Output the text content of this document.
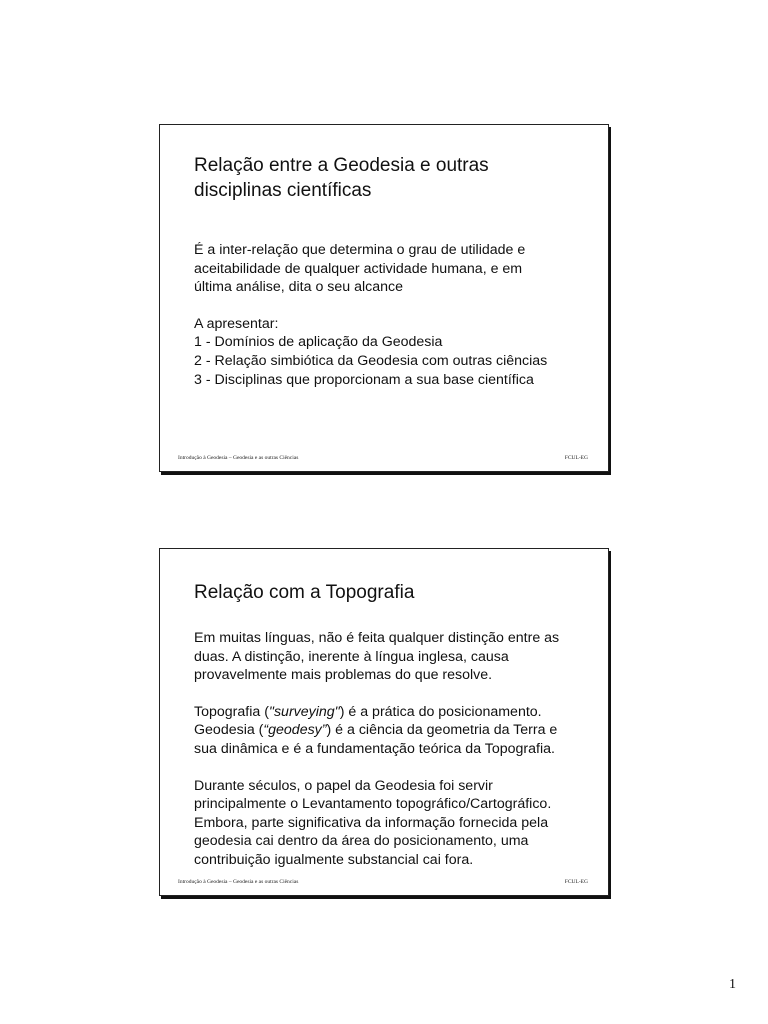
Relação entre a Geodesia e outras
disciplinas científicas

É a inter-relação que determina o grau de utilidade e
aceitabilidade de qualquer actividade humana, e em
última análise, dita o seu alcance

A apresentar:
1 - Domínios de aplicação da Geodesia
2 - Relação simbiótica da Geodesia com outras ciências
3 - Disciplinas que proporcionam a sua base científica
Introdução à Geodesia – Geodesia e as outras Ciências	FCUL-EG
Relação com a Topografia

Em muitas línguas, não é feita qualquer distinção entre as
duas. A distinção, inerente à língua inglesa, causa
provavelmente mais problemas do que resolve.

Topografia ("surveying") é a prática do posicionamento.
Geodesia (“geodesy”) é a ciência da geometria da Terra e
sua dinâmica e é a fundamentação teórica da Topografia.

Durante séculos, o papel da Geodesia foi servir
principalmente o Levantamento topográfico/Cartográfico.
Embora, parte significativa da informação fornecida pela
geodesia cai dentro da área do posicionamento, uma
contribuição igualmente substancial cai fora.

Introdução à Geodesia – Geodesia e as outras Ciências	FCUL-EG
1
